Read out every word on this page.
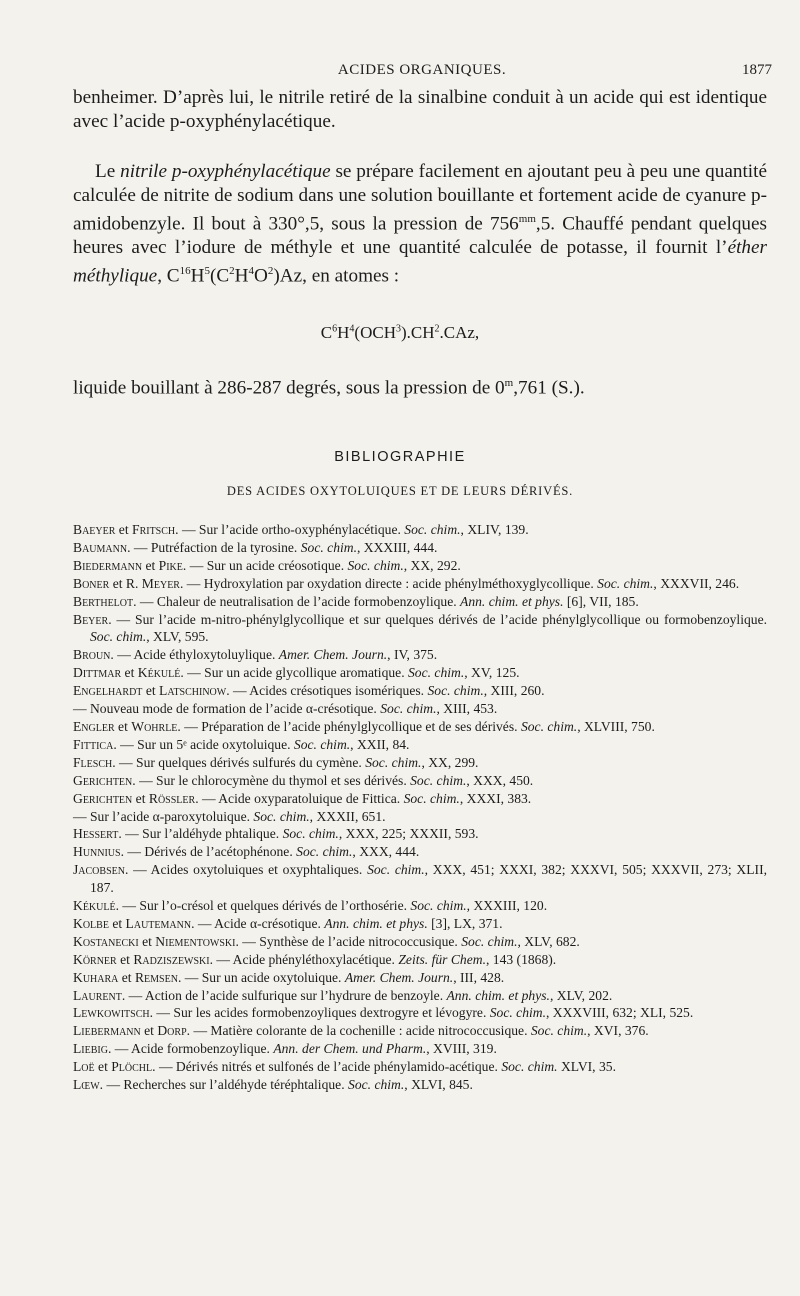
ACIDES ORGANIQUES.	1877
benheimer. D’après lui, le nitrile retiré de la sinalbine conduit à un acide qui est identique avec l’acide p-oxyphénylacétique.
Le nitrile p-oxyphénylacétique se prépare facilement en ajoutant peu à peu une quantité calculée de nitrite de sodium dans une solution bouillante et fortement acide de cyanure p-amidobenzyle. Il bout à 330°,5, sous la pression de $756^{mm},5$. Chauffé pendant quelques heures avec l’iodure de méthyle et une quantité calculée de potasse, il fournit l’éther méthylique, $C^{16}H^5(C^2H^4O^2)Az$, en atomes :
$C^6H^4(OCH^3).CH^2.CAz$,
liquide bouillant à 286-287 degrés, sous la pression de 0$^m$,761 (S.).
BIBLIOGRAPHIE
DES ACIDES OXYTOLUIQUES ET DE LEURS DÉRIVÉS.
Baeyer et Fritsch. — Sur l’acide ortho-oxyphénylacétique. Soc. chim., XLIV, 139.
Baumann. — Putréfaction de la tyrosine. Soc. chim., XXXIII, 444.
Biedermann et Pike. — Sur un acide créosotique. Soc. chim., XX, 292.
Boner et R. Meyer. — Hydroxylation par oxydation directe : acide phénylméthoxyglycollique. Soc. chim., XXXVII, 246.
Berthelot. — Chaleur de neutralisation de l’acide formobenzoylique. Ann. chim. et phys. [6], VII, 185.
Beyer. — Sur l’acide m-nitro-phénylglycollique et sur quelques dérivés de l’acide phénylglycollique ou formobenzoylique. Soc. chim., XLV, 595.
Broun. — Acide éthyloxytoluylique. Amer. Chem. Journ., IV, 375.
Dittmar et Kékulé. — Sur un acide glycollique aromatique. Soc. chim., XV, 125.
Engelhardt et Latschinow. — Acides crésotiques isomériques. Soc. chim., XIII, 260.
— Nouveau mode de formation de l’acide α-crésotique. Soc. chim., XIII, 453.
Engler et Wohrle. — Préparation de l’acide phénylglycollique et de ses dérivés. Soc. chim., XLVIII, 750.
Fittica. — Sur un 5ᵉ acide oxytoluique. Soc. chim., XXII, 84.
Flesch. — Sur quelques dérivés sulfurés du cymène. Soc. chim., XX, 299.
Gerichten. — Sur le chlorocymène du thymol et ses dérivés. Soc. chim., XXX, 450.
Gerichten et Rössler. — Acide oxyparatoluique de Fittica. Soc. chim., XXXI, 383.
— Sur l’acide α-paroxytoluique. Soc. chim., XXXII, 651.
Hessert. — Sur l’aldéhyde phtalique. Soc. chim., XXX, 225; XXXII, 593.
Hunnius. — Dérivés de l’acétophénone. Soc. chim., XXX, 444.
Jacobsen. — Acides oxytoluiques et oxyphtaliques. Soc. chim., XXX, 451; XXXI, 382; XXXVI, 505; XXXVII, 273; XLII, 187.
Kékulé. — Sur l’o-crésol et quelques dérivés de l’orthosérie. Soc. chim., XXXIII, 120.
Kolbe et Lautemann. — Acide α-crésotique. Ann. chim. et phys. [3], LX, 371.
Kostanecki et Niementowski. — Synthèse de l’acide nitrococcusique. Soc. chim., XLV, 682.
Körner et Radziszewski. — Acide phényléthoxylacétique. Zeits. für Chem., 143 (1868).
Kuhara et Remsen. — Sur un acide oxytoluique. Amer. Chem. Journ., III, 428.
Laurent. — Action de l’acide sulfurique sur l’hydrure de benzoyle. Ann. chim. et phys., XLV, 202.
Lewkowitsch. — Sur les acides formobenzoyliques dextrogyre et lévogyre. Soc. chim., XXXVIII, 632; XLI, 525.
Liebermann et Dorp. — Matière colorante de la cochenille : acide nitrococcusique. Soc. chim., XVI, 376.
Liebig. — Acide formobenzoylique. Ann. der Chem. und Pharm., XVIII, 319.
Loë et Plöchl. — Dérivés nitrés et sulfonés de l’acide phénylamido-acétique. Soc. chim. XLVI, 35.
Lœw. — Recherches sur l’aldéhyde téréphtalique. Soc. chim., XLVI, 845.
